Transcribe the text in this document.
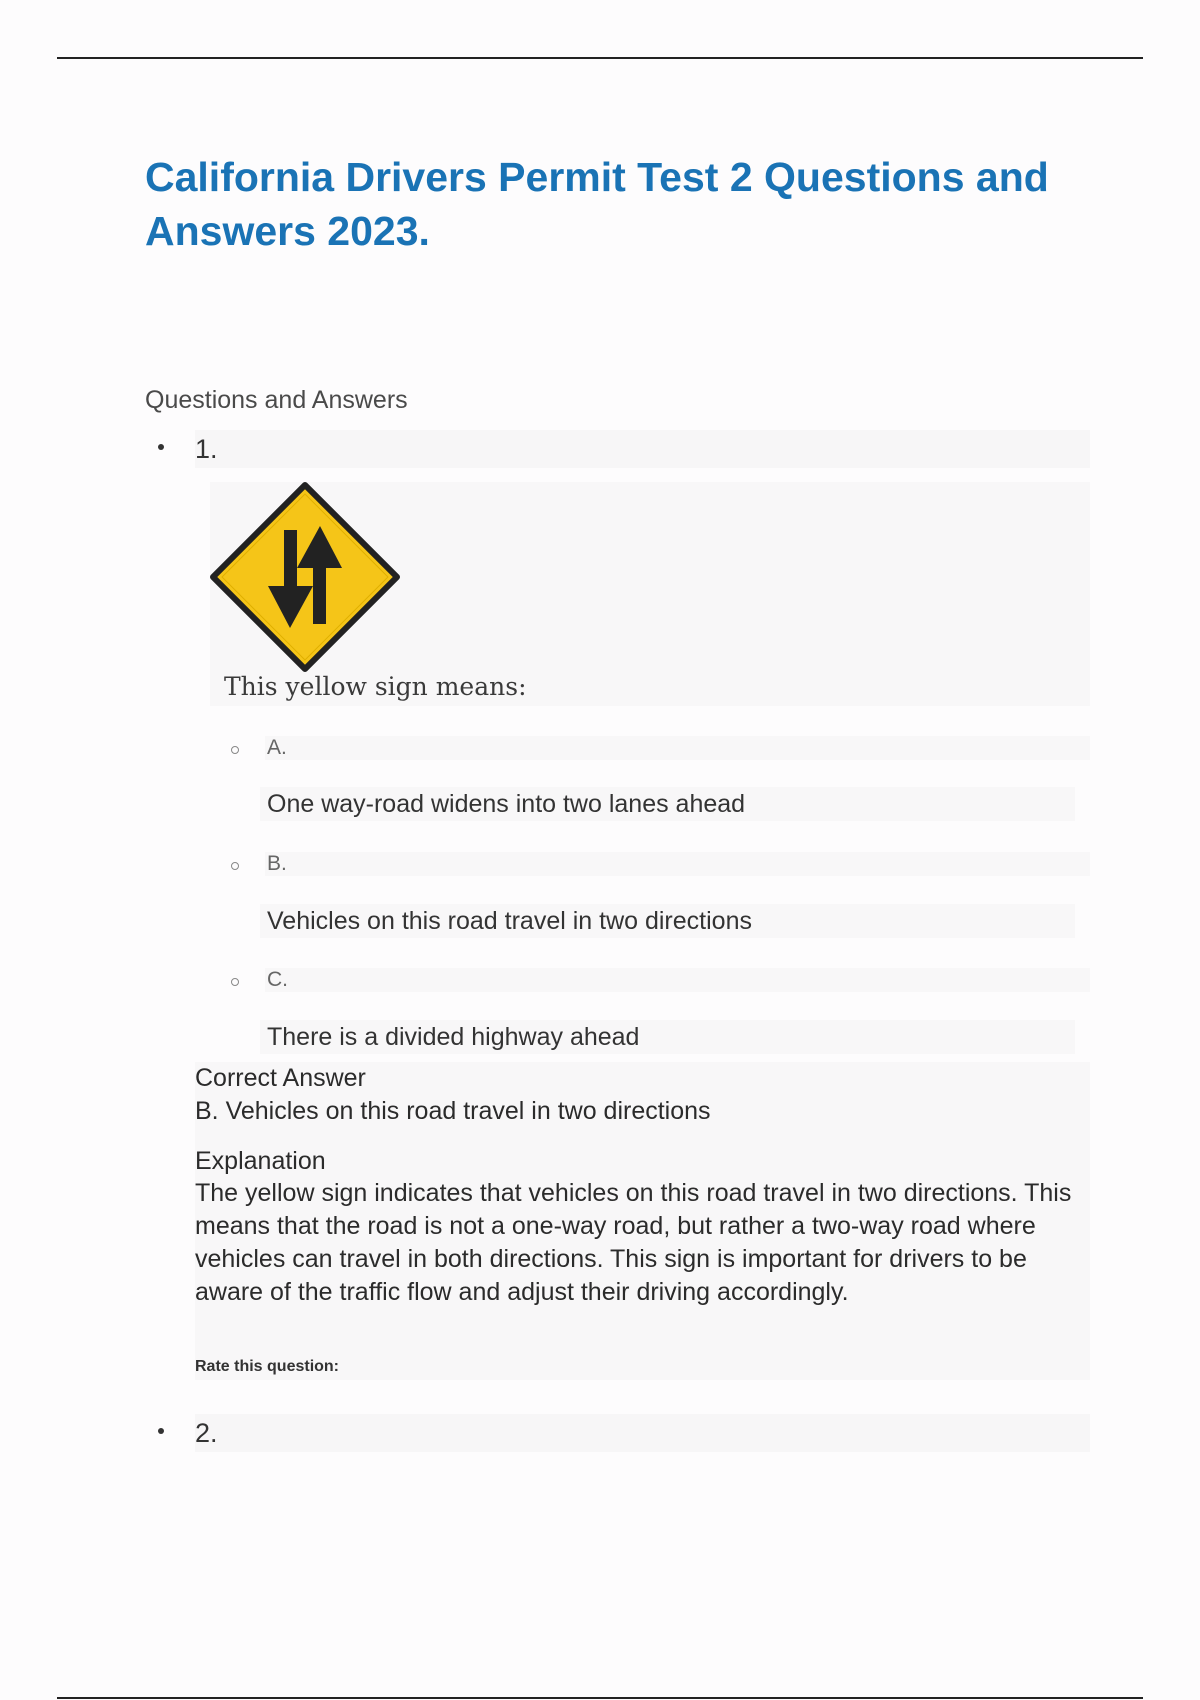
California Drivers Permit Test 2 Questions and Answers 2023.
Questions and Answers
1.
This yellow sign means:
A.
One way-road widens into two lanes ahead
B.
Vehicles on this road travel in two directions
C.
There is a divided highway ahead
Correct Answer
B. Vehicles on this road travel in two directions
Explanation

The yellow sign indicates that vehicles on this road travel in two directions. This means that the road is not a one-way road, but rather a two-way road where vehicles can travel in both directions. This sign is important for drivers to be aware of the traffic flow and adjust their driving accordingly.

Rate this question:
2.
